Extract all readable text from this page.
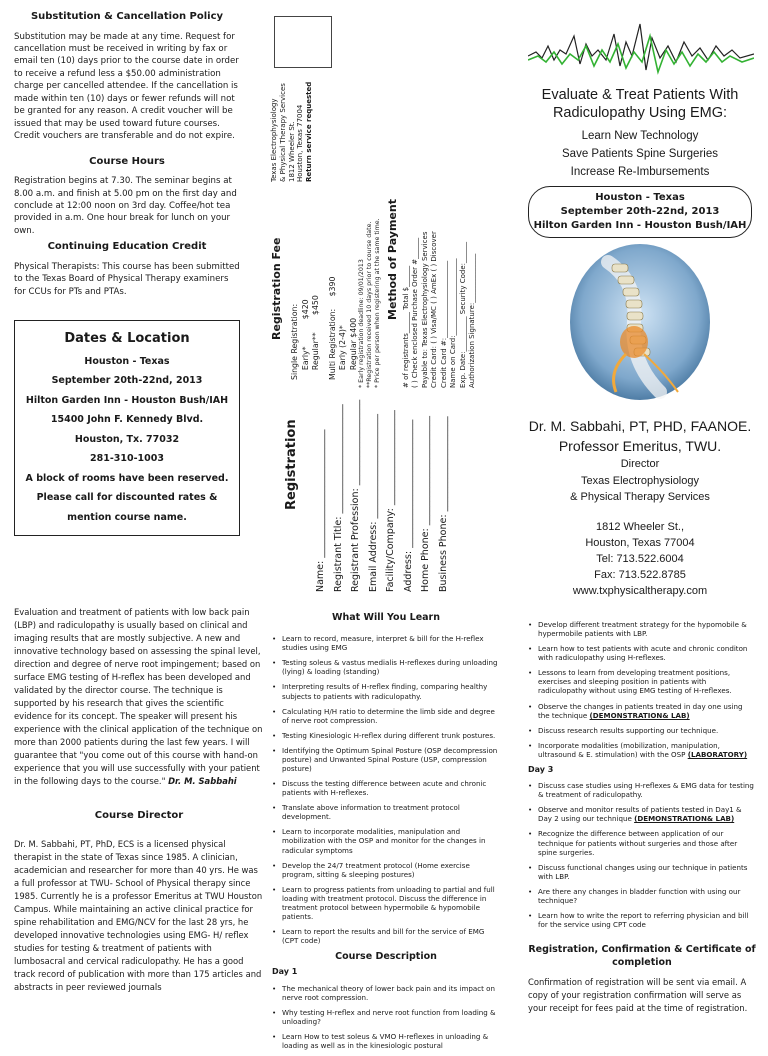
Substitution & Cancellation Policy

Substitution may be made at any time. Request for cancellation must be received in writing by fax or email ten (10) days prior to the course date in order to receive a refund less a $50.00 administration charge per cancelled attendee. If the cancellation is made within ten (10) days or fewer refunds will not be granted for any reason. A credit voucher will be issued that may be used toward future courses. Credit vouchers are transferable and do not expire.

Course Hours

Registration begins at 7.30. The seminar begins at 8.00 a.m. and finish at 5.00 pm on the first day and conclude at 12:00 noon on 3rd day. Coffee/hot tea provided in a.m. One hour break for lunch on your own.

Continuing Education Credit

Physical Therapists: This course has been submitted to the Texas Board of Physical Therapy examiners for CCUs for PTs and PTAs.

Dates & Location
Houston - Texas
September 20th-22nd, 2013
Hilton Garden Inn - Houston Bush/IAH
15400 John F. Kennedy Blvd.
Houston, Tx. 77032
281-310-1003
A block of rooms have been reserved.
Please call for discounted rates &
mention course name.
Texas Electrophysiology & Physical Therapy Services 1812 Wheeler St. Houston, Texas 77004 Return service requested
Registration
Name: ___________________________ Registrant Title: _______________________
Registrant Profession: __________________
Email Address: ______________________
Facility/Company: ____________________
Address: ___________________________
Home Phone: _______________________
Business Phone: ____________________
Registration Fee
Single Registration: Early*           $420
Regular**       $450
Multi Registration:     $390
Early (2-4)* Regular $400 * Early registration deadline: 09/01/2013 **Registration received 10 days prior to course date. * Price per person when registering at the same time. Method of Payment
# of registrants______ Total $______ ( ) Check enclosed Purchase Order #______ Payable to: Texas Electrophysiology Services Credit Card: ( ) Visa/MC ( ) AmEx ( ) Discover Credit Card #:______________________ Name on Card:______________________ Exp. Date:__________ Security Code:______ Authorization Signature:______________
Evaluate & Treat Patients With Radiculopathy Using EMG:
Learn New Technology
Save Patients Spine Surgeries
Increase Re-Imbursements
Houston - Texas
September 20th-22nd, 2013
Hilton Garden Inn - Houston Bush/IAH
Dr. M. Sabbahi, PT, PHD, FAANOE.
Professor Emeritus, TWU.
Director
Texas Electrophysiology
& Physical Therapy Services
1812 Wheeler St.,
Houston, Texas 77004
Tel: 713.522.6004
Fax: 713.522.8785
www.txphysicaltherapy.com

Evaluation and treatment of patients with low back pain (LBP) and radiculopathy is usually based on clinical and imaging results that are mostly subjective. A new and innovative technology based on assessing the spinal level, direction and degree of nerve root impingement; based on surface EMG testing of H-reflex has been developed and validated by the director course. The technique is supported by his research that gives the scientific evidence for its concept. The speaker will present his experience with the clinical application of the technique on more than 2000 patients during the last few years. I will guarantee that "you come out of this course with hand-on experience that you will use successfully with your patient in the following days to the course." Dr. M. Sabbahi

Course Director

Dr. M. Sabbahi, PT, PhD, ECS is a licensed physical therapist in the state of Texas since 1985. A clinician, academician and researcher for more than 40 yrs. He was a full professor at TWU- School of Physical therapy since 1985. Currently he is a professor Emeritus at TWU Houston Campus. While maintaining an active clinical practice for spine rehabilitation and EMG/NCV for the last 28 yrs, he developed innovative technologies using EMG- H/ reflex studies for testing & treatment of patients with lumbosacral and cervical radiculopathy. He has a good track record of publication with more than 175 articles and abstracts in peer reviewed journals

What Will You Learn
• Learn to record, measure, interpret & bill for the H-reflex studies using EMG
• Testing soleus & vastus medialis H-reflexes during unloading (lying) & loading (standing)
• Interpreting results of H-reflex finding, comparing healthy subjects to patients with radiculopathy.
• Calculating H/H ratio to determine the limb side and degree of nerve root compression.
• Testing Kinesiologic H-reflex during different trunk postures.
• Identifying the Optimum Spinal Posture (OSP decompression posture) and Unwanted Spinal Posture (USP, compression posture)
• Discuss the testing difference between acute and chronic patients with H-reflexes.
• Translate above information to treatment protocol development.
• Learn to incorporate modalities, manipulation and mobilization with the OSP and monitor for the changes in radicular symptoms
• Develop the 24/7 treatment protocol (Home exercise program, sitting & sleeping postures)
• Learn to progress patients from unloading to partial and full loading with treatment protocol. Discuss the difference in treatment protocol between hypermobile & hypomobile patients.
• Learn to report the results and bill for the service of EMG (CPT code)
Course Description
Day 1
• The mechanical theory of lower back pain and its impact on nerve root compression.
• Why testing H-reflex and nerve root function from loading & unloading?
• Learn How to test soleus & VMO H-reflexes in unloading & loading as well as in the kinesiologic postural
• Develop different treatment strategy for the hypomobile & hypermobile patients with LBP.
• Learn how to test patients with acute and chronic conditon with radiculopathy using H-reflexes.
• Lessons to learn from developing treatment positions, exercises and sleeping position in patients with radiculopathy without using EMG testing of H-reflexes.
• Observe the changes in patients treated in day one using the technique (DEMONSTRATION& LAB)
• Discuss research results supporting our technique.
• Incorporate modalities (mobilization, manipulation, ultrasound & E. stimulation) with the OSP (LABORATORY)
Day 3
• Discuss case studies using H-reflexes & EMG data for testing & treatment of radiculopathy.
• Observe and monitor results of patients tested in Day1 & Day 2 using our technique (DEMONSTRATION& LAB)
• Recognize the difference between application of our technique for patients without surgeries and those after spine surgeries.
• Discuss functional changes using our technique in patients with LBP.
• Are there any changes in bladder function with using our technique?
• Learn how to write the report to referring physician and bill for the service using CPT code
Registration, Confirmation & Certificate of completion

Confirmation of registration will be sent via email. A copy of your registration confirmation will serve as your receipt for fees paid at the time of registration.
